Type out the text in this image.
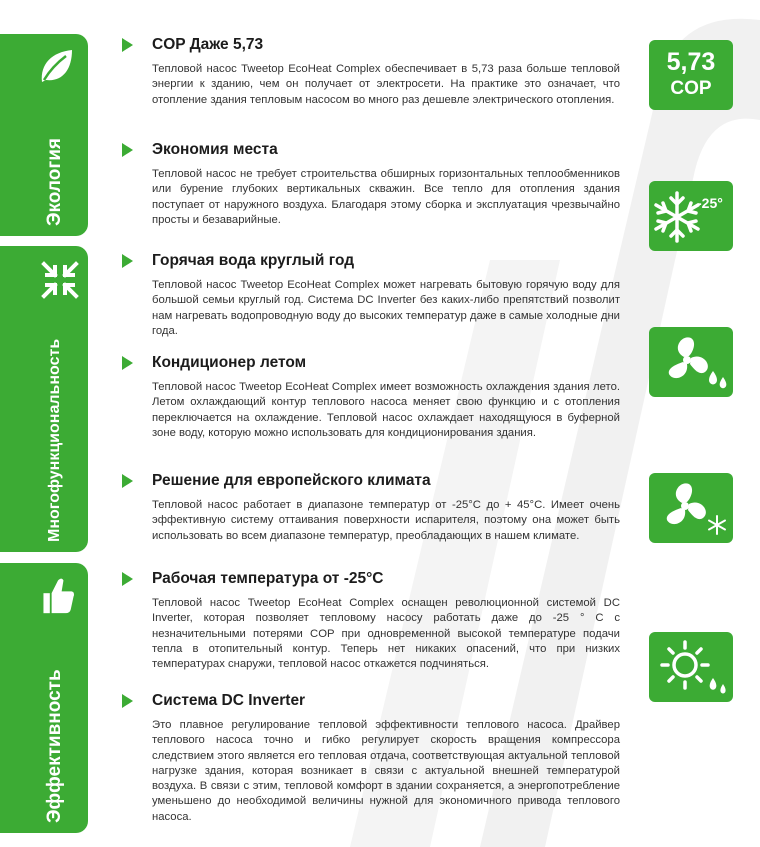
Экология
Многофункциональность
Эффективность
COP Даже 5,73

Тепловой насос Tweetop EcoHeat Complex обеспечивает в 5,73 раза больше тепловой энергии к зданию, чем он получает от электросети. На практике это означает, что отопление здания тепловым насосом во много раз дешевле электрического отопления.

Экономия места

Тепловой насос не требует строительства обширных горизонтальных теплообменников или бурение глубоких вертикальных скважин. Все тепло для отопления здания поступает от наружного воздуха. Благодаря этому сборка и эксплуатация чрезвычайно просты и безаварийные.

Горячая вода круглый год

Тепловой насос Tweetop EcoHeat Complex может нагревать бытовую горячую воду для большой семьи круглый год. Система DC Inverter без каких-либо препятствий позволит нам нагревать водопроводную воду до высоких температур даже в самые холодные дни года.

Кондиционер летом

Тепловой насос Tweetop EcoHeat Complex имеет возможность охлаждения здания лето. Летом охлаждающий контур теплового насоса меняет свою функцию и с отопления переключается на охлаждение. Тепловой насос охлаждает находящуюся в буферной зоне воду, которую можно использовать для кондиционирования здания.

Решение для европейского климата

Тепловой насос работает в диапазоне температур от -25°C до + 45°C. Имеет очень эффективную систему оттаивания поверхности испарителя, поэтому она может быть использовать во всем диапазоне температур, преобладающих в нашем климате.

Рабочая температура от -25°C

Тепловой насос Tweetop EcoHeat Complex оснащен революционной системой DC Inverter, которая позволяет тепловому насосу работать даже до -25 ° C с незначительными потерями COP при одновременной высокой температуре подачи тепла в отопительный контур. Теперь нет никаких опасений, что при низких температурах снаружи, тепловой насос откажется подчиняться.

Система DC Inverter

Это плавное регулирование тепловой эффективности теплового насоса. Драйвер теплового насоса точно и гибко регулирует скорость вращения компрессора следствием этого является его тепловая отдача, соответствующая актуальной тепловой нагрузке здания, которая возникает в связи с актуальной внешней температурой воздуха. В связи с этим, тепловой комфорт в здании сохраняется, а энергопотребление уменьшено до необходимой величины нужной для экономичного привода теплового насоса.

5,73
COP
-25°
